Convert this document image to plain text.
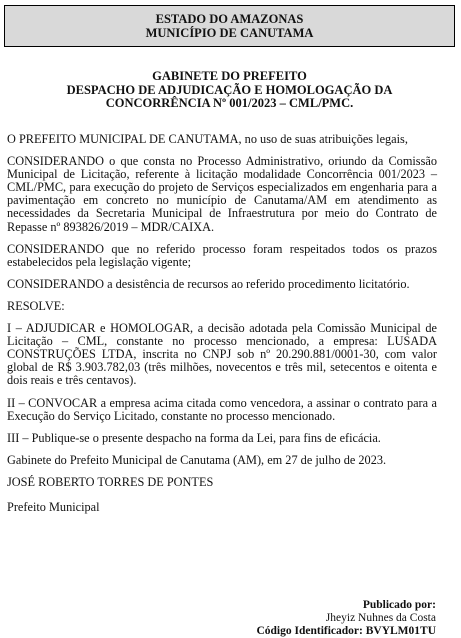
ESTADO DO AMAZONAS
MUNICÍPIO DE CANUTAMA
GABINETE DO PREFEITO
DESPACHO DE ADJUDICAÇÃO E HOMOLOGAÇÃO DA
CONCORRÊNCIA Nº 001/2023 – CML/PMC.

O PREFEITO MUNICIPAL DE CANUTAMA, no uso de suas atribuições legais,

CONSIDERANDO o que consta no Processo Administrativo, oriundo da Comissão Municipal de Licitação, referente à licitação modalidade Concorrência 001/2023 – CML/PMC, para execução do projeto de Serviços especializados em engenharia para a pavimentação em concreto no município de Canutama/AM em atendimento as necessidades da Secretaria Municipal de Infraestrutura por meio do Contrato de Repasse nº 893826/2019 – MDR/CAIXA.

CONSIDERANDO que no referido processo foram respeitados todos os prazos estabelecidos pela legislação vigente;

CONSIDERANDO a desistência de recursos ao referido procedimento licitatório.

RESOLVE:

I – ADJUDICAR e HOMOLOGAR, a decisão adotada pela Comissão Municipal de Licitação – CML, constante no processo mencionado, a empresa: LUSADA CONSTRUÇÕES LTDA, inscrita no CNPJ sob nº 20.290.881/0001-30, com valor global de R$ 3.903.782,03 (três milhões, novecentos e três mil, setecentos e oitenta e dois reais e três centavos).

II – CONVOCAR a empresa acima citada como vencedora, a assinar o contrato para a Execução do Serviço Licitado, constante no processo mencionado.

III – Publique-se o presente despacho na forma da Lei, para fins de eficácia.

Gabinete do Prefeito Municipal de Canutama (AM), em 27 de julho de 2023.

JOSÉ ROBERTO TORRES DE PONTES

Prefeito Municipal

Publicado por:
Jheyiz Nuhnes da Costa
Código Identificador: BVYLM01TU
